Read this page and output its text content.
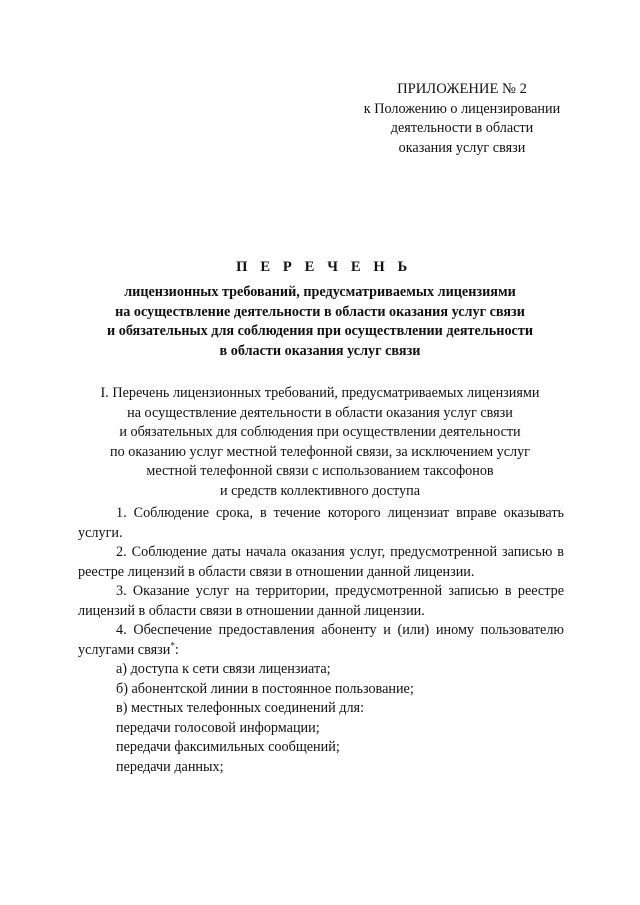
ПРИЛОЖЕНИЕ № 2
к Положению о лицензировании
деятельности в области
оказания услуг связи
П Е Р Е Ч Е Н Ь
лицензионных требований, предусматриваемых лицензиями
на осуществление деятельности в области оказания услуг связи
и обязательных для соблюдения при осуществлении деятельности
в области оказания услуг связи
I. Перечень лицензионных требований, предусматриваемых лицензиями
на осуществление деятельности в области оказания услуг связи
и обязательных для соблюдения при осуществлении деятельности
по оказанию услуг местной телефонной связи, за исключением услуг
местной телефонной связи с использованием таксофонов
и средств коллективного доступа

1. Соблюдение срока, в течение которого лицензиат вправе оказывать услуги.

2. Соблюдение даты начала оказания услуг, предусмотренной записью в реестре лицензий в области связи в отношении данной лицензии.

3. Оказание услуг на территории, предусмотренной записью в реестре лицензий в области связи в отношении данной лицензии.

4. Обеспечение предоставления абоненту и (или) иному пользователю услугами связи*:

а) доступа к сети связи лицензиата;

б) абонентской линии в постоянное пользование;

в) местных телефонных соединений для:

передачи голосовой информации;

передачи факсимильных сообщений;

передачи данных;
